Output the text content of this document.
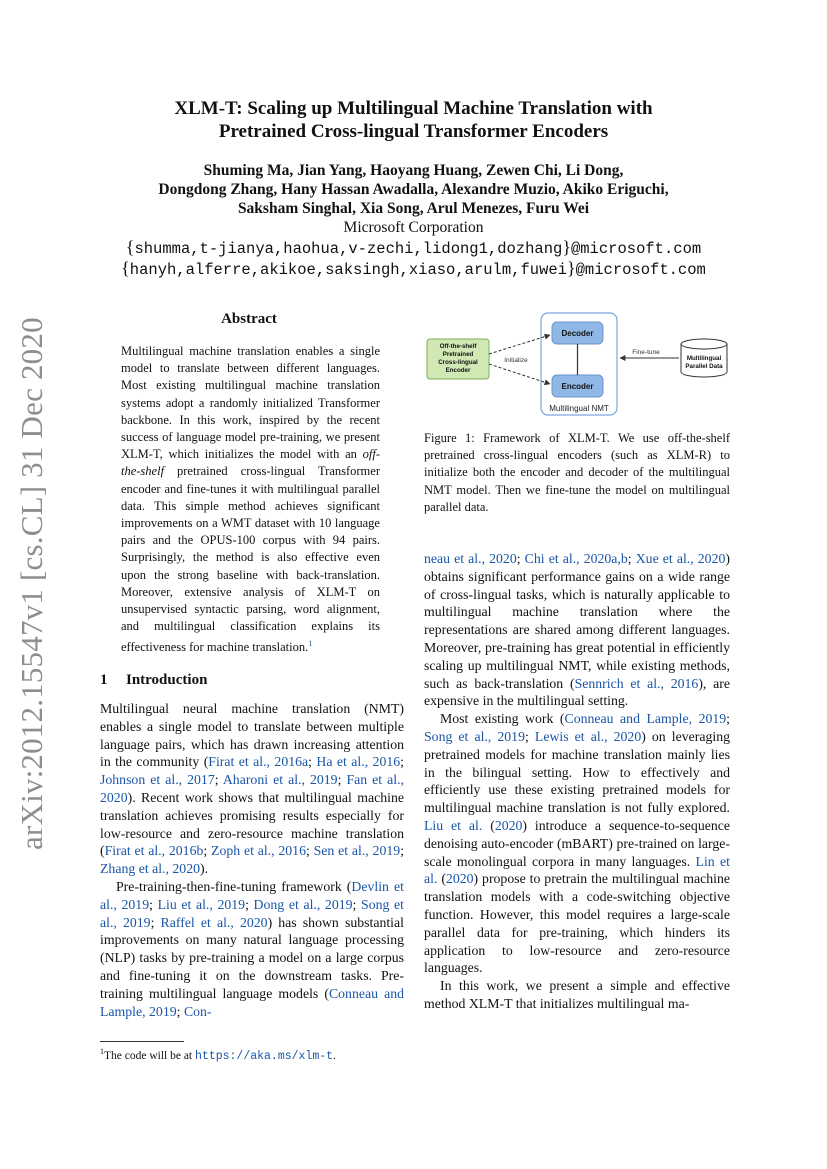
arXiv:2012.15547v1 [cs.CL] 31 Dec 2020
XLM-T: Scaling up Multilingual Machine Translation with
Pretrained Cross-lingual Transformer Encoders
Shuming Ma, Jian Yang, Haoyang Huang, Zewen Chi, Li Dong,
Dongdong Zhang, Hany Hassan Awadalla, Alexandre Muzio, Akiko Eriguchi,
Saksham Singhal, Xia Song, Arul Menezes, Furu Wei
Microsoft Corporation
{shumma,t-jianya,haohua,v-zechi,lidong1,dozhang}@microsoft.com
{hanyh,alferre,akikoe,saksingh,xiaso,arulm,fuwei}@microsoft.com
Abstract
Multilingual machine translation enables a single model to translate between different languages. Most existing multilingual machine translation systems adopt a randomly initialized Transformer backbone. In this work, inspired by the recent success of language model pre-training, we present XLM-T, which initializes the model with an off-the-shelf pretrained cross-lingual Transformer encoder and fine-tunes it with multilingual parallel data. This simple method achieves significant improvements on a WMT dataset with 10 language pairs and the OPUS-100 corpus with 94 pairs. Surprisingly, the method is also effective even upon the strong baseline with back-translation. Moreover, extensive analysis of XLM-T on unsupervised syntactic parsing, word alignment, and multilingual classification explains its effectiveness for machine translation.$^1$
1 Introduction

Multilingual neural machine translation (NMT) enables a single model to translate between multiple language pairs, which has drawn increasing attention in the community (Firat et al., 2016a; Ha et al., 2016; Johnson et al., 2017; Aharoni et al., 2019; Fan et al., 2020). Recent work shows that multilingual machine translation achieves promising results especially for low-resource and zero-resource machine translation (Firat et al., 2016b; Zoph et al., 2016; Sen et al., 2019; Zhang et al., 2020).

Pre-training-then-fine-tuning framework (Devlin et al., 2019; Liu et al., 2019; Dong et al., 2019; Song et al., 2019; Raffel et al., 2020) has shown substantial improvements on many natural language processing (NLP) tasks by pre-training a model on a large corpus and fine-tuning it on the downstream tasks. Pre-training multilingual language models (Conneau and Lample, 2019; Con-

$^1$The code will be at https://aka.ms/xlm-t.
Multilingual NMT
Decoder
Encoder
Off-the-shelf
Pretrained
Cross-lingual
Encoder
Initialize
Fine-tune
Multilingual
Parallel Data
Figure 1: Framework of XLM-T. We use off-the-shelf pretrained cross-lingual encoders (such as XLM-R) to initialize both the encoder and decoder of the multilingual NMT model. Then we fine-tune the model on multilingual parallel data.

neau et al., 2020; Chi et al., 2020a,b; Xue et al., 2020) obtains significant performance gains on a wide range of cross-lingual tasks, which is naturally applicable to multilingual machine translation where the representations are shared among different languages. Moreover, pre-training has great potential in efficiently scaling up multilingual NMT, while existing methods, such as back-translation (Sennrich et al., 2016), are expensive in the multilingual setting.

Most existing work (Conneau and Lample, 2019; Song et al., 2019; Lewis et al., 2020) on leveraging pretrained models for machine translation mainly lies in the bilingual setting. How to effectively and efficiently use these existing pretrained models for multilingual machine translation is not fully explored. Liu et al. (2020) introduce a sequence-to-sequence denoising auto-encoder (mBART) pre-trained on large-scale monolingual corpora in many languages. Lin et al. (2020) propose to pretrain the multilingual machine translation models with a code-switching objective function. However, this model requires a large-scale parallel data for pre-training, which hinders its application to low-resource and zero-resource languages.

In this work, we present a simple and effective method XLM-T that initializes multilingual ma-
